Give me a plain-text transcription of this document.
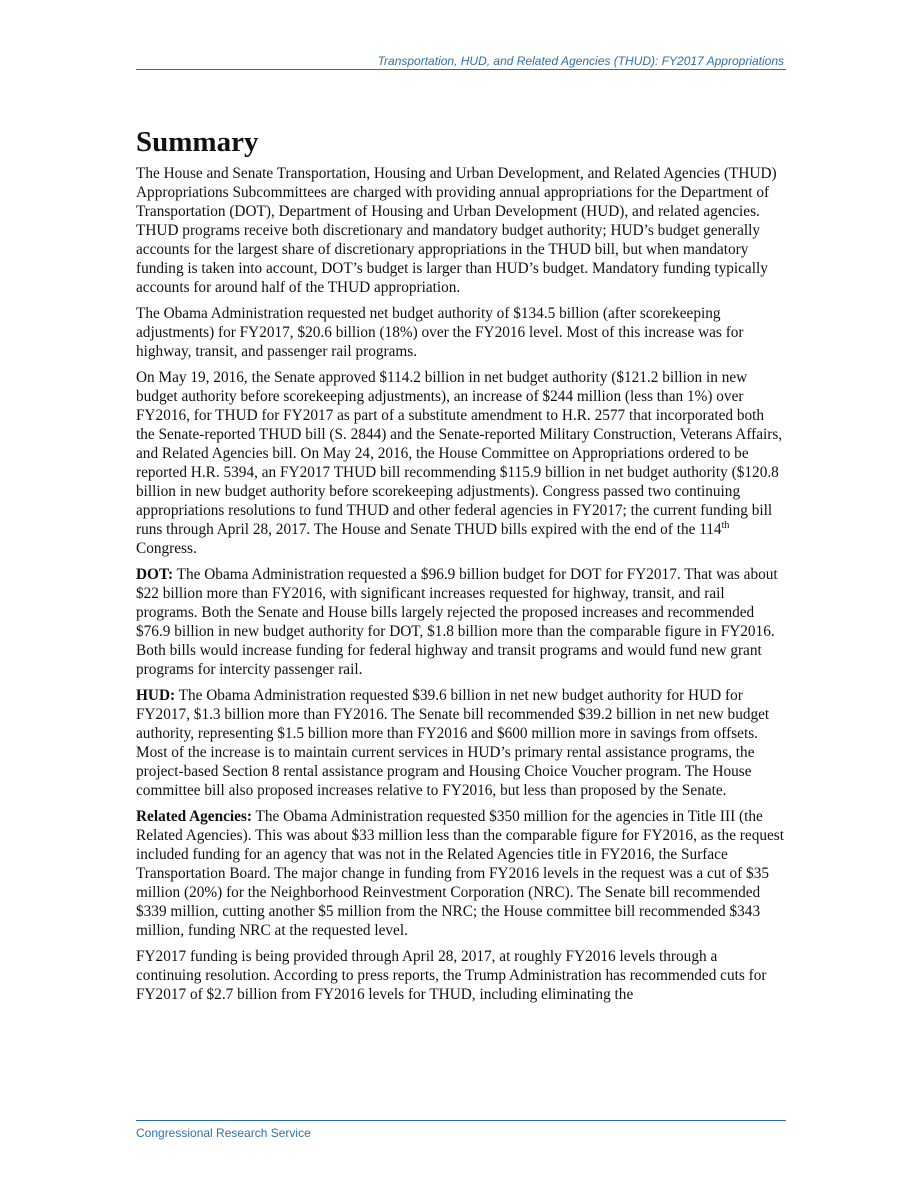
Transportation, HUD, and Related Agencies (THUD): FY2017 Appropriations
Summary

The House and Senate Transportation, Housing and Urban Development, and Related Agencies (THUD) Appropriations Subcommittees are charged with providing annual appropriations for the Department of Transportation (DOT), Department of Housing and Urban Development (HUD), and related agencies. THUD programs receive both discretionary and mandatory budget authority; HUD’s budget generally accounts for the largest share of discretionary appropriations in the THUD bill, but when mandatory funding is taken into account, DOT’s budget is larger than HUD’s budget. Mandatory funding typically accounts for around half of the THUD appropriation.

The Obama Administration requested net budget authority of $134.5 billion (after scorekeeping adjustments) for FY2017, $20.6 billion (18%) over the FY2016 level. Most of this increase was for highway, transit, and passenger rail programs.

On May 19, 2016, the Senate approved $114.2 billion in net budget authority ($121.2 billion in new budget authority before scorekeeping adjustments), an increase of $244 million (less than 1%) over FY2016, for THUD for FY2017 as part of a substitute amendment to H.R. 2577 that incorporated both the Senate-reported THUD bill (S. 2844) and the Senate-reported Military Construction, Veterans Affairs, and Related Agencies bill. On May 24, 2016, the House Committee on Appropriations ordered to be reported H.R. 5394, an FY2017 THUD bill recommending $115.9 billion in net budget authority ($120.8 billion in new budget authority before scorekeeping adjustments). Congress passed two continuing appropriations resolutions to fund THUD and other federal agencies in FY2017; the current funding bill runs through April 28, 2017. The House and Senate THUD bills expired with the end of the 114th Congress.

DOT: The Obama Administration requested a $96.9 billion budget for DOT for FY2017. That was about $22 billion more than FY2016, with significant increases requested for highway, transit, and rail programs. Both the Senate and House bills largely rejected the proposed increases and recommended $76.9 billion in new budget authority for DOT, $1.8 billion more than the comparable figure in FY2016. Both bills would increase funding for federal highway and transit programs and would fund new grant programs for intercity passenger rail.

HUD: The Obama Administration requested $39.6 billion in net new budget authority for HUD for FY2017, $1.3 billion more than FY2016. The Senate bill recommended $39.2 billion in net new budget authority, representing $1.5 billion more than FY2016 and $600 million more in savings from offsets. Most of the increase is to maintain current services in HUD’s primary rental assistance programs, the project-based Section 8 rental assistance program and Housing Choice Voucher program. The House committee bill also proposed increases relative to FY2016, but less than proposed by the Senate.

Related Agencies: The Obama Administration requested $350 million for the agencies in Title III (the Related Agencies). This was about $33 million less than the comparable figure for FY2016, as the request included funding for an agency that was not in the Related Agencies title in FY2016, the Surface Transportation Board. The major change in funding from FY2016 levels in the request was a cut of $35 million (20%) for the Neighborhood Reinvestment Corporation (NRC). The Senate bill recommended $339 million, cutting another $5 million from the NRC; the House committee bill recommended $343 million, funding NRC at the requested level.

FY2017 funding is being provided through April 28, 2017, at roughly FY2016 levels through a continuing resolution. According to press reports, the Trump Administration has recommended cuts for FY2017 of $2.7 billion from FY2016 levels for THUD, including eliminating the

Congressional Research Service
